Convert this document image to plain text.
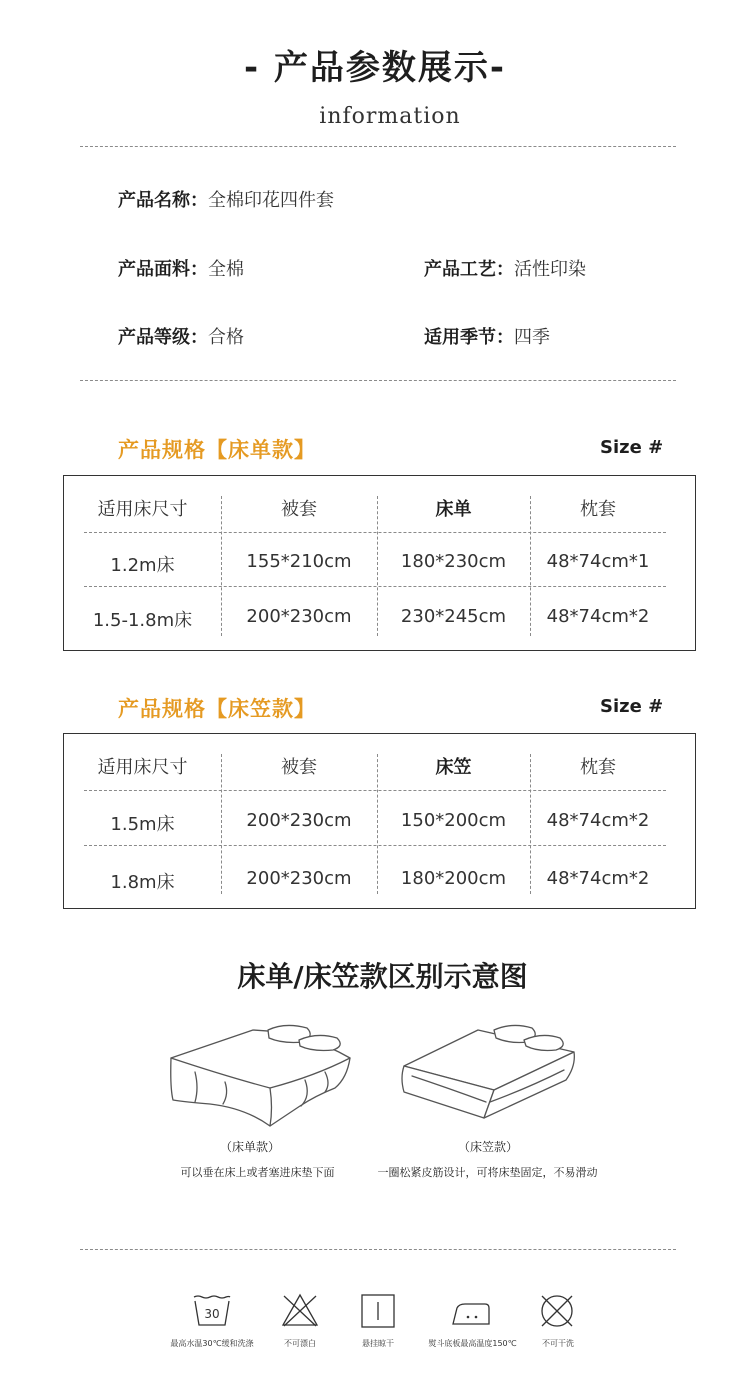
- 产品参数展示-
information
产品名称：全棉印花四件套
产品面料：全棉	产品工艺：活性印染
产品等级：合格	适用季节：四季
产品规格【床单款】	Size #
适用床尺寸	被套	床单	枕套
1.2m床	155*210cm	180*230cm	48*74cm*1
1.5-1.8m床	200*230cm	230*245cm	48*74cm*2
产品规格【床笠款】	Size #
适用床尺寸	被套	床笠	枕套
1.5m床	200*230cm	150*200cm	48*74cm*2
1.8m床	200*230cm	180*200cm	48*74cm*2
床单/床笠款区别示意图
（床单款）
可以垂在床上或者塞进床垫下面
（床笠款）
一圈松紧皮筋设计，可将床垫固定，不易滑动
30
最高水温30℃缓和洗涤	不可漂白	悬挂晾干	熨斗底板最高温度150℃	不可干洗
